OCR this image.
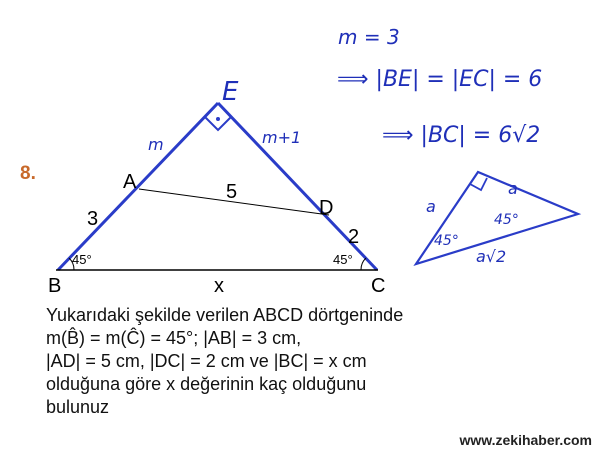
A
B	C
D
3
5
2
x
45°	45°
E
m	m+1
m = 3
⟹ |BE| = |EC| = 6
⟹ |BC| = 6√2
a
a
45°
45°
a√2
8.
Yukarıdaki şekilde verilen ABCD dörtgeninde
m(B̂) = m(Ĉ) = 45°; |AB| = 3 cm,
|AD| = 5 cm, |DC| = 2 cm ve |BC| = x cm
olduğuna göre x değerinin kaç olduğunu
bulunuz
www.zekihaber.com
